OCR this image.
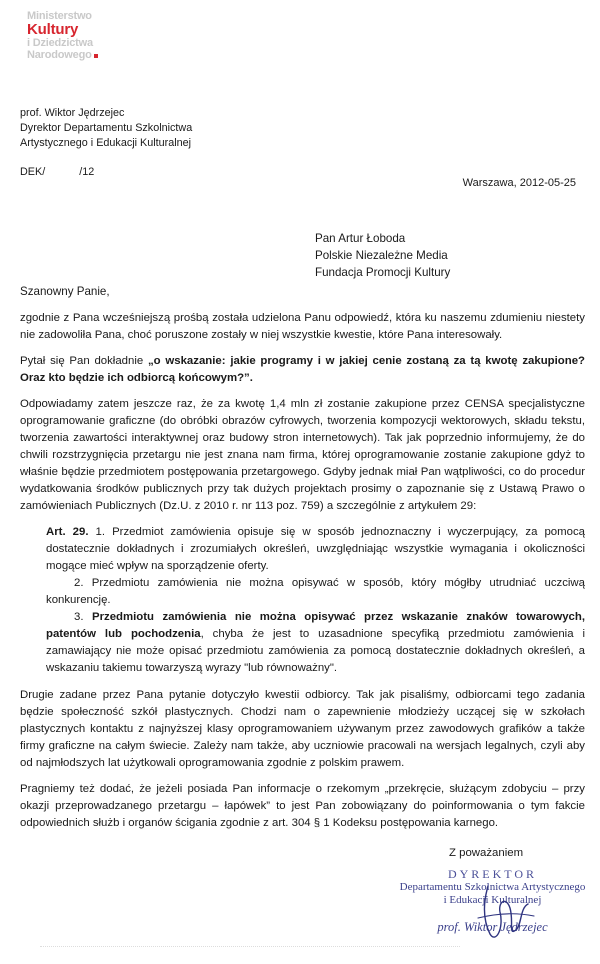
Ministerstwo
Kultury
i Dziedzictwa
Narodowego
prof. Wiktor Jędrzejec
Dyrektor Departamentu Szkolnictwa
Artystycznego i Edukacji Kulturalnej
DEK/	/12
Warszawa, 2012-05-25
Pan Artur Łoboda
Polskie Niezależne Media
Fundacja Promocji Kultury
Szanowny Panie,

zgodnie z Pana wcześniejszą prośbą została udzielona Panu odpowiedź, która ku naszemu zdumieniu niestety nie zadowoliła Pana, choć poruszone zostały w niej wszystkie kwestie, które Pana interesowały.

Pytał się Pan dokładnie „o wskazanie: jakie programy i w jakiej cenie zostaną za tą kwotę zakupione? Oraz kto będzie ich odbiorcą końcowym?”.

Odpowiadamy zatem jeszcze raz, że za kwotę 1,4 mln zł zostanie zakupione przez CENSA specjalistyczne oprogramowanie graficzne (do obróbki obrazów cyfrowych, tworzenia kompozycji wektorowych, składu tekstu, tworzenia zawartości interaktywnej oraz budowy stron internetowych). Tak jak poprzednio informujemy, że do chwili rozstrzygnięcia przetargu nie jest znana nam firma, której oprogramowanie zostanie zakupione gdyż to właśnie będzie przedmiotem postępowania przetargowego. Gdyby jednak miał Pan wątpliwości, co do procedur wydatkowania środków publicznych przy tak dużych projektach prosimy o zapoznanie się z Ustawą Prawo o zamówieniach Publicznych (Dz.U. z 2010 r. nr 113 poz. 759) a szczególnie z artykułem 29:

Art. 29. 1. Przedmiot zamówienia opisuje się w sposób jednoznaczny i wyczerpujący, za pomocą dostatecznie dokładnych i zrozumiałych określeń, uwzględniając wszystkie wymagania i okoliczności mogące mieć wpływ na sporządzenie oferty.

2. Przedmiotu zamówienia nie można opisywać w sposób, który mógłby utrudniać uczciwą konkurencję.

3. Przedmiotu zamówienia nie można opisywać przez wskazanie znaków towarowych, patentów lub pochodzenia, chyba że jest to uzasadnione specyfiką przedmiotu zamówienia i zamawiający nie może opisać przedmiotu zamówienia za pomocą dostatecznie dokładnych określeń, a wskazaniu takiemu towarzyszą wyrazy "lub równoważny".

Drugie zadane przez Pana pytanie dotyczyło kwestii odbiorcy. Tak jak pisaliśmy, odbiorcami tego zadania będzie społeczność szkół plastycznych. Chodzi nam o zapewnienie młodzieży uczącej się w szkołach plastycznych kontaktu z najnyższej klasy oprogramowaniem używanym przez zawodowych grafików a także firmy graficzne na całym świecie. Zależy nam także, aby uczniowie pracowali na wersjach legalnych, czyli aby od najmłodszych lat użytkowali oprogramowania zgodnie z polskim prawem.

Pragniemy też dodać, że jeżeli posiada Pan informacje o rzekomym „przekręcie, służącym zdobyciu – przy okazji przeprowadzanego przetargu – łapówek” to jest Pan zobowiązany do poinformowania o tym fakcie odpowiednich służb i organów ścigania zgodnie z art. 304 § 1 Kodeksu postępowania karnego.

Z poważaniem
DYREKTOR
Departamentu Szkolnictwa Artystycznego
i Edukacji Kulturalnej
prof. Wiktor Jędrzejec
